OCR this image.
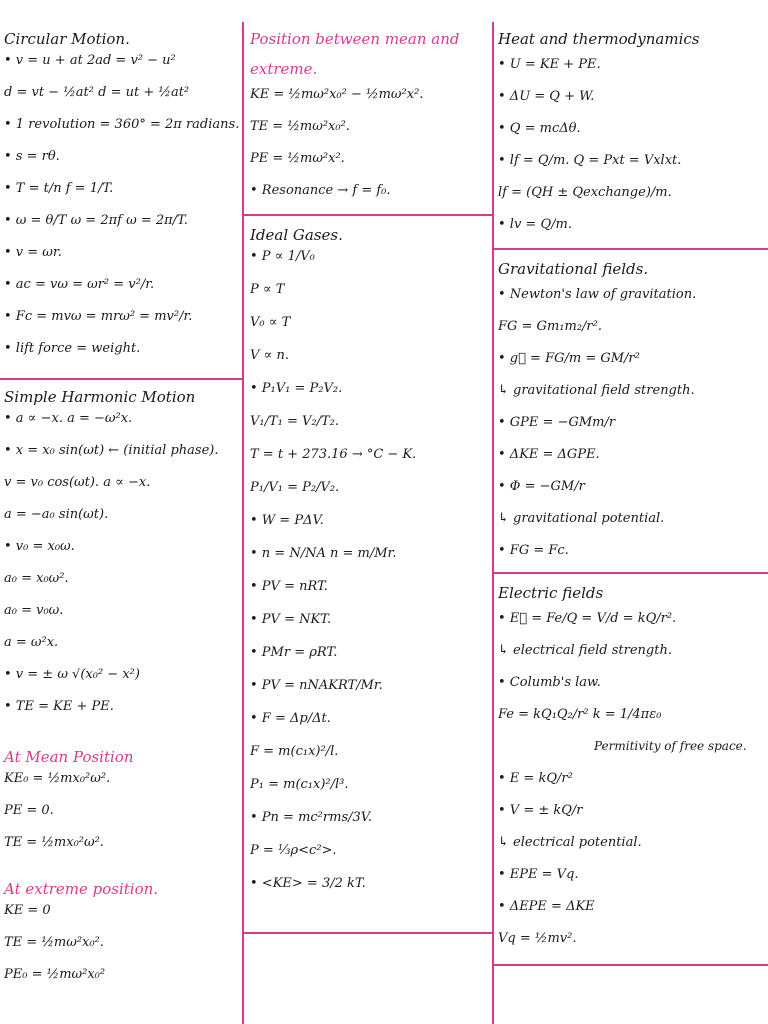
Circular Motion.
• v = u + at 2ad = v² − u²
d = vt − ½at² d = ut + ½at²
• 1 revolution = 360° = 2π radians.
• s = rθ.
• T = t/n f = 1/T.
• ω = θ/T ω = 2πf ω = 2π/T.
• v = ωr.
• ac = vω = ωr² = v²/r.
• Fc = mvω = mrω² = mv²/r.
• lift force = weight.
Simple Harmonic Motion
• a ∝ −x. a = −ω²x.
• x = x₀ sin(ωt) ← (initial phase).
v = v₀ cos(ωt). a ∝ −x.
a = −a₀ sin(ωt).
• v₀ = x₀ω.
a₀ = x₀ω².
a₀ = v₀ω.
a = ω²x.
• v = ± ω √(x₀² − x²)
• TE = KE + PE.
At Mean Position
KE₀ = ½mx₀²ω².
PE = 0.
TE = ½mx₀²ω².
At extreme position.
KE = 0
TE = ½mω²x₀².
PE₀ = ½mω²x₀²
Position between mean and
extreme.
KE = ½mω²x₀² − ½mω²x².
TE = ½mω²x₀².
PE = ½mω²x².
• Resonance → f = f₀.
Ideal Gases.
• P ∝ 1/V₀
P ∝ T
V₀ ∝ T
V ∝ n.
• P₁V₁ = P₂V₂.
V₁/T₁ = V₂/T₂.
T = t + 273.16 → °C − K.
P₁/V₁ = P₂/V₂.
• W = PΔV.
• n = N/NA n = m/Mr.
• PV = nRT.
• PV = NKT.
• PMr = ρRT.
• PV = nNAKRT/Mr.
• F = Δp/Δt.
F = m(c₁x)²/l.
P₁ = m(c₁x)²/l³.
• Pn = mc²rms/3V.
P = ⅓ρ<c²>.
• <KE> = 3/2 kT.
Heat and thermodynamics
• U = KE + PE.
• ΔU = Q + W.
• Q = mcΔθ.
• lf = Q/m. Q = Pxt = Vxlxt.
lf = (QH ± Qexchange)/m.
• lv = Q/m.
Gravitational fields.
• Newton's law of gravitation.
FG = Gm₁m₂/r².
• g⃗ = FG/m = GM/r²
↳ gravitational field strength.
• GPE = −GMm/r
• ΔKE = ΔGPE.
• Φ = −GM/r
↳ gravitational potential.
• FG = Fc.
Electric fields
• E⃗ = Fe/Q = V/d = kQ/r².
↳ electrical field strength.
• Columb's law.
Fe = kQ₁Q₂/r² k = 1/4πε₀
Permitivity of free space.
• E = kQ/r²
• V = ± kQ/r
↳ electrical potential.
• EPE = Vq.
• ΔEPE = ΔKE
Vq = ½mv².
